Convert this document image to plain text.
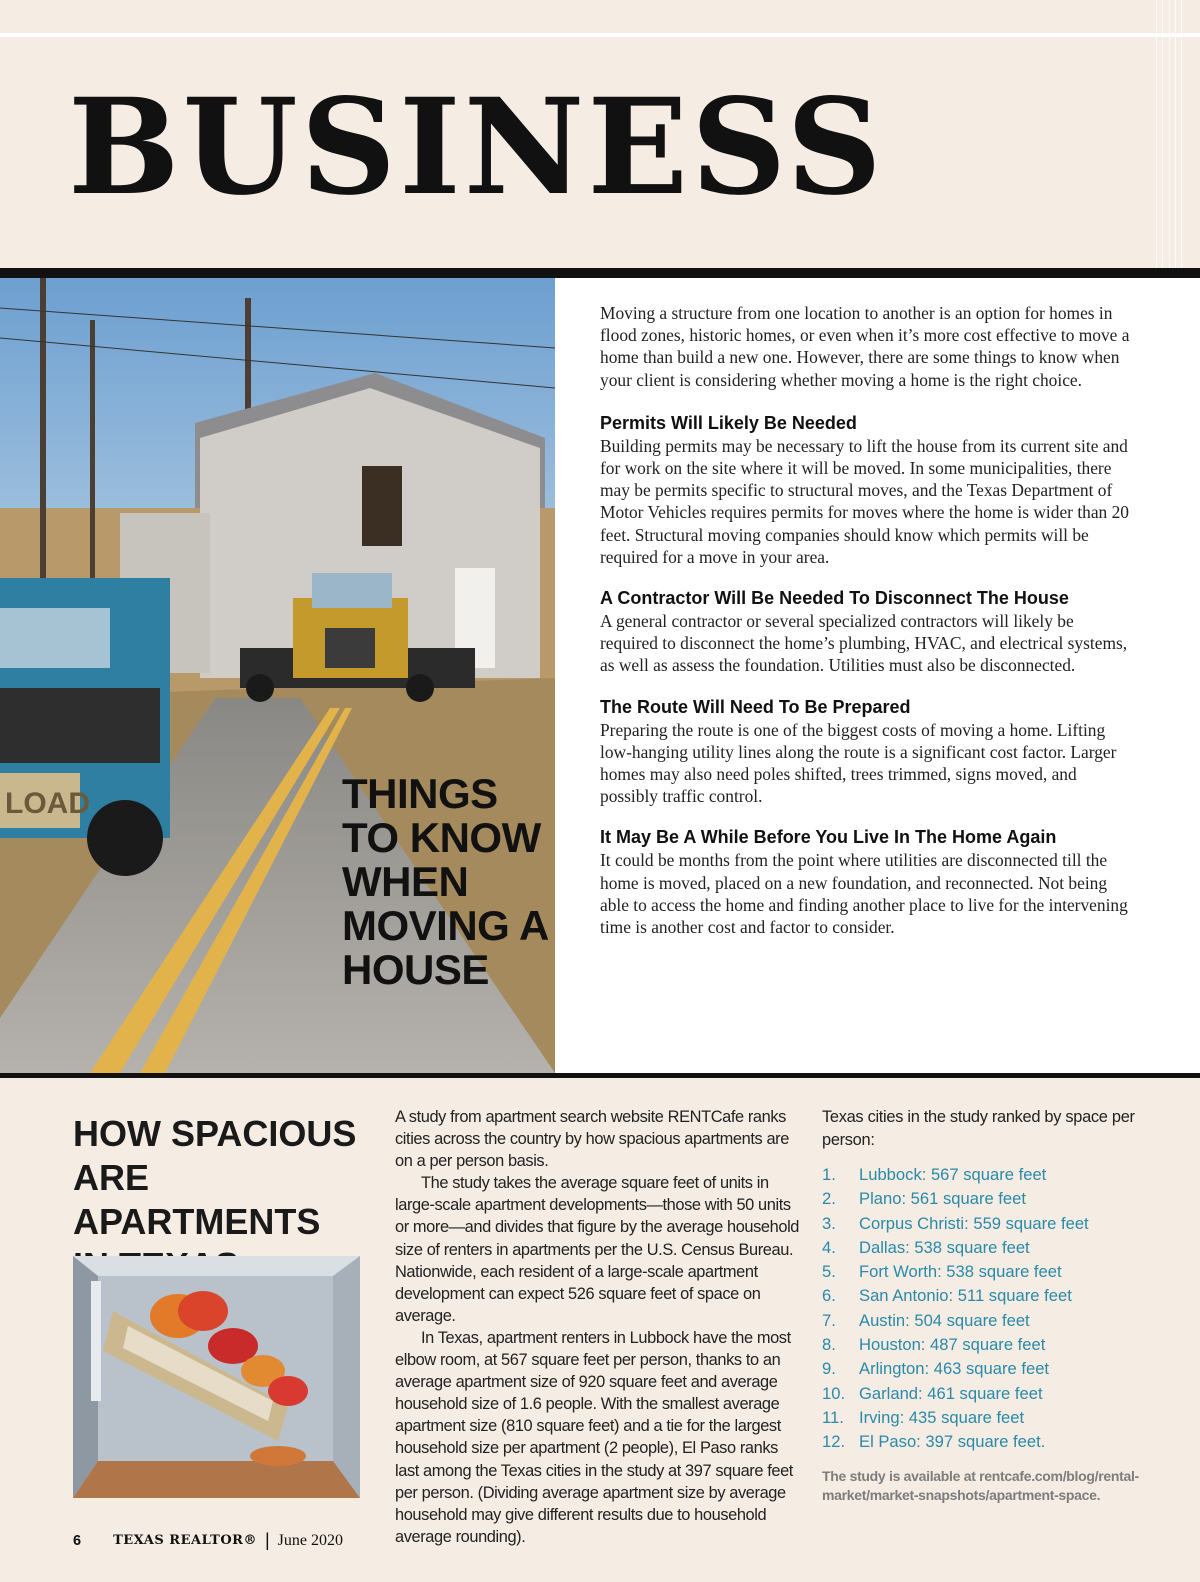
BUSINESS
LOAD	THINGS TO KNOW WHEN MOVING A HOUSE

Moving a structure from one location to another is an option for homes in flood zones, historic homes, or even when it’s more cost effective to move a home than build a new one. However, there are some things to know when your client is considering whether moving a home is the right choice.

Permits Will Likely Be Needed

Building permits may be necessary to lift the house from its current site and for work on the site where it will be moved. In some municipalities, there may be permits specific to structural moves, and the Texas Department of Motor Vehicles requires permits for moves where the home is wider than 20 feet. Structural moving companies should know which permits will be required for a move in your area.

A Contractor Will Be Needed To Disconnect The House

A general contractor or several specialized contractors will likely be required to disconnect the home’s plumbing, HVAC, and electrical systems, as well as assess the foundation. Utilities must also be disconnected.

The Route Will Need To Be Prepared

Preparing the route is one of the biggest costs of moving a home. Lifting low-hanging utility lines along the route is a significant cost factor. Larger homes may also need poles shifted, trees trimmed, signs moved, and possibly traffic control.

It May Be A While Before You Live In The Home Again

It could be months from the point where utilities are disconnected till the home is moved, placed on a new foundation, and reconnected. Not being able to access the home and finding another place to live for the intervening time is another cost and factor to consider.

HOW SPACIOUS ARE APARTMENTS

A study from apartment search website RENTCafe ranks cities across the country by how spacious apartments are on a per person basis.

The study takes the average square feet of units in large-scale apartment developments—those with 50 units or more—and divides that figure by the average household size of renters in apartments per the U.S. Census Bureau. Nationwide, each resident of a large-scale apartment development can expect 526 square feet of space on average.

In Texas, apartment renters in Lubbock have the most elbow room, at 567 square feet per person, thanks to an average apartment size of 920 square feet and average household size of 1.6 people. With the smallest average apartment size (810 square feet) and a tie for the largest household size per apartment (2 people), El Paso ranks last among the Texas cities in the study at 397 square feet per person. (Dividing average apartment size by average household may give different results due to household average rounding).

Texas cities in the study ranked by space per person:

1.	Lubbock: 567 square feet
2.	Plano: 561 square feet
3.	Corpus Christi: 559 square feet
4.	Dallas: 538 square feet
5.	Fort Worth: 538 square feet
6.	San Antonio: 511 square feet
7.	Austin: 504 square feet
8.	Houston: 487 square feet
9.	Arlington: 463 square feet
10. Garland: 461 square feet
11. Irving: 435 square feet
12. El Paso: 397 square feet.

The study is available at rentcafe.com/blog/rental-market/market-snapshots/apartment-space.

6 TEXAS REALTOR® | June 2020
